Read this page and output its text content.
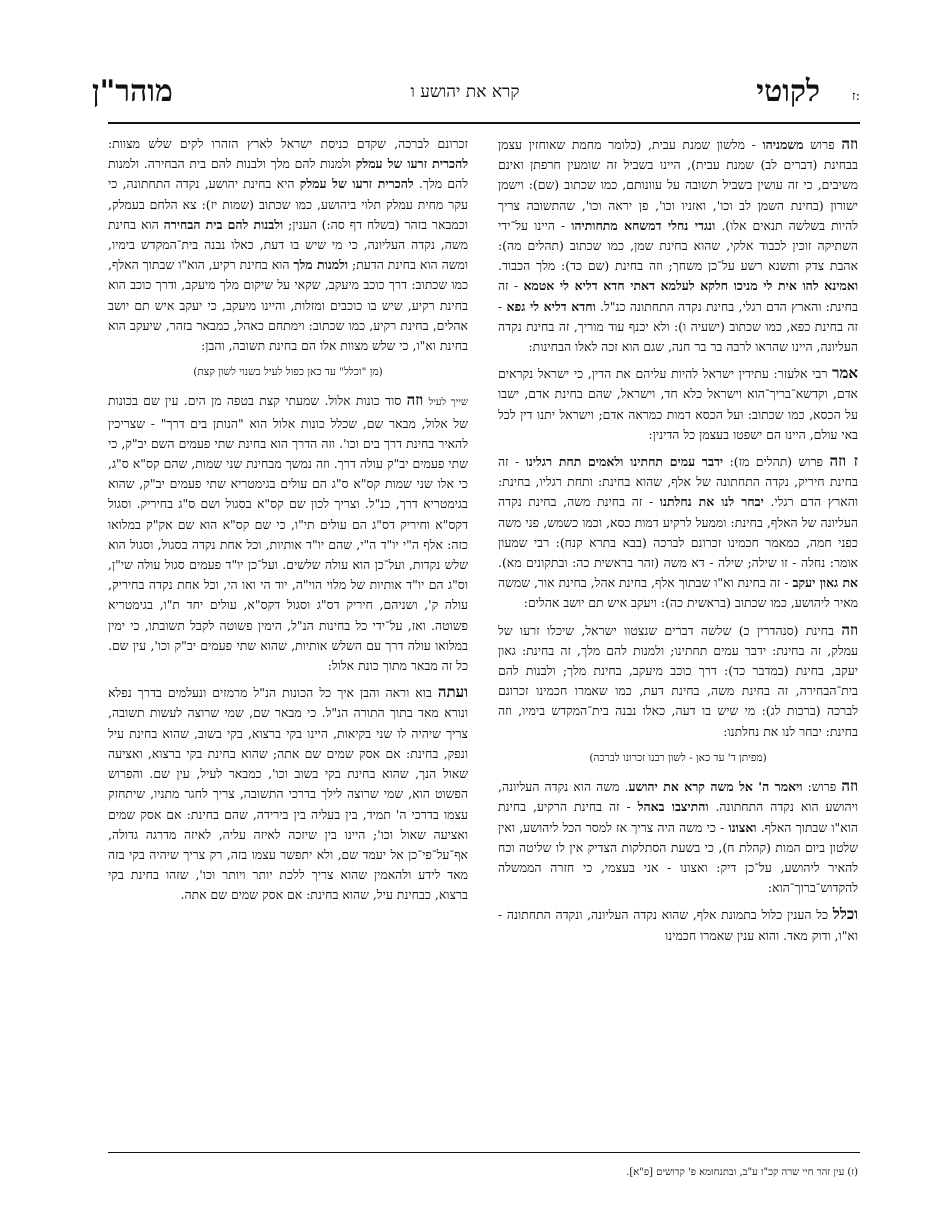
ז:
לקוטי
קרא את יהושע ו
מוהר"ן

וזה פרוש משמניהו - מלשון שמנת עבית, (כלומר מחמת שאוחזין עצמן בבחינת (דברים לב) שמנת עבית), היינו בשביל זה שומעין חרפתן ואינם משיבים, כי זה עושין בשביל תשובה על עוונותם, כמו שכתוב (שם): וישמן ישורון (בחינת השמן לב וכו', ואזניו וכו', פן יראה וכו', שהתשובה צריך להיות בשלשה תנאים אלו). ונגדי נחלי דמשחא מתחותיהו - היינו על־ידי השתיקה זוכין לכבוד אלקי, שהוא בחינת שמן, כמו שכתוב (תהלים מה): אהבת צדק ותשנא רשע על־כן משחך; וזה בחינת (שם כד): מלך הכבוד. ואמינא להו אית לי מניכו חלקא לעלמא דאתי חדא דליא לי אטמא - זה בחינת: והארץ הדם רגלי, בחינת נקדה התחתונה כנ"ל. וחדא דליא לי גפא - זה בחינת כפא, כמו שכתוב (ישעיה ו): ולא יכנף עוד מוריך, זה בחינת נקדה העליונה, היינו שהראו לרבה בר בר חנה, שגם הוא זכה לאלו הבחינות:

אמר רבי אלעזר: עתידין ישראל להיות עליהם את הדין, כי ישראל נקראים אדם, וקדשא־בריך־הוא וישראל כלא חד, וישראל, שהם בחינת אדם, ישבו על הכסא, כמו שכתוב: ועל הכסא דמות כמראה אדם; וישראל יתנו דין לכל באי עולם, היינו הם ישפטו בעצמן כל הדינין:

ז וזה פרוש (תהלים מז): ידבר עמים תחתינו ולאמים תחת רגלינו - זה בחינת חיריק, נקדה התחתונה של אלף, שהוא בחינת: ותחת רגליו, בחינת: והארץ הדם רגלי. יבחר לנו את נחלתנו - זה בחינת משה, בחינת נקדה העליונה של האלף, בחינת: וממעל לרקיע דמות כסא, וכמו כשמש, פני משה כפני חמה, כמאמר חכמינו זכרונם לברכה (בבא בתרא קנח): רבי שמעון אומר: נחלה - זו שילה; שילה - דא משה (זהר בראשית כה: ובתקונים מא). את גאון יעקב - זה בחינת וא"ו שבתוך אלף, בחינת אהל, בחינת אור, שמשה מאיר ליהושע, כמו שכתוב (בראשית כה): ויעקב איש תם יושב אהלים:

וזה בחינת (סנהדרין כ) שלשה דברים שנצטוו ישראל, שיכלו זרעו של עמלק, זה בחינת: ידבר עמים תחתינו; ולמנות להם מלך, זה בחינת: גאון יעקב, בחינת (במדבר כד): דרך כוכב מיעקב, בחינת מלך; ולבנות להם בית־הבחירה, זה בחינת משה, בחינת דעת, כמו שאמרו חכמינו זכרונם לברכה (ברכות לג): מי שיש בו דעה, כאלו נבנה בית־המקדש בימיו, וזה בחינת: יבחר לנו את נחלתנו:

(מפיתן ד' עד כאן - לשון רבנו זכרונו לברכה)

וזה פרוש: ויאמר ה' אל משה קרא את יהושע. משה הוא נקדה העליונה, ויהושע הוא נקדה התחתונה. והתיצבו באהל - זה בחינת הרקיע, בחינת הוא"ו שבתוך האלף. ואצונו - כי משה היה צריך אז למסר הכל ליהושע, ואין שלטון ביום המות (קהלת ח), כי בשעת הסתלקות הצדיק אין לו שליטה וכח להאיר ליהושע, על־כן דיק: ואצונו - אני בעצמי, כי חזרה הממשלה להקדוש־ברוך־הוא:

וכלל כל הענין כלול בתמונת אלף, שהוא נקדה העליונה, ונקדה התחתונה - וא"ו, ודוק מאד. והוא ענין שאמרו חכמינו

זכרונם לברכה, שקדם כניסת ישראל לארץ הזהרו לקים שלש מצוות: להכרית זרעו של עמלק ולמנות להם מלך ולבנות להם בית הבחירה. ולמנות להם מלך. להכרית זרעו של עמלק היא בחינת יהושע, נקדה התחתונה, כי עקר מחית עמלק תלוי ביהושע, כמו שכתוב (שמות יז): צא הלחם בעמלק, וכמבאר בזהר (בשלח דף סה:) הענין; ולבנות להם בית הבחירה הוא בחינת משה, נקדה העליונה, כי מי שיש בו דעת, כאלו נבנה בית־המקדש בימיו, ומשה הוא בחינת הדעת; ולמנות מלך הוא בחינת רקיע, הוא"ו שבתוך האלף, כמו שכתוב: דרך כוכב מיעקב, שקאי על שיקום מלך מיעקב, ודרך כוכב הוא בחינת רקיע, שיש בו כוכבים ומזלות, והיינו מיעקב, כי יעקב איש תם יושב אהלים, בחינת רקיע, כמו שכתוב: וימתחם כאהל, כמבאר בזהר, שיעקב הוא בחינת וא"ו, כי שלש מצוות אלו הם בחינת תשובה, והבן:

(מן "וכלל" עד כאן כפול לעיל בשנוי לשון קצת)

שייך לעיל וזה סוד כונות אלול. שמעתי קצת בטפה מן הים. עין שם בכונות של אלול, מבאר שם, שכלל כונות אלול הוא "הנותן בים דרך" - שצריכין להאיר בחינת דרך בים וכו'. וזה הדרך הוא בחינת שתי פעמים השם יב"ק, כי שתי פעמים יב"ק עולה דרך. וזה נמשך מבחינת שני שמות, שהם קס"א ס"ג, כי אלו שני שמות קס"א ס"ג הם עולים בגימטריא שתי פעמים יב"ק, שהוא בגימטריא דרך, כנ"ל. וצריך לכון שם קס"א בסגול ושם ס"ג בחיריק. וסגול דקס"א וחיריק דס"ג הם עולים תי"ו, כי שם קס"א הוא שם אק"ק במלואו כזה: אלף ה"י יו"ד ה"י, שהם יו"ד אותיות, וכל אחת נקדה בסגול, וסגול הוא שלש נקדות, ועל־כן הוא עולה שלשים. ועל־כן יו"ד פעמים סגול עולה שי"ן, וס"ג הם יו"ד אותיות של מלוי הוי"ה, יוד הי ואו הי, וכל אחת נקדה בחיריק, עולה ק', ושניהם, חיריק דס"ג וסגול דקס"א, עולים יחד ת"ו, בגימטריא פשוטה. ואז, על־ידי כל בחינות הנ"ל, הימין פשוטה לקבל תשובתו, כי ימין במלואו עולה דרך עם השלש אותיות, שהוא שתי פעמים יב"ק וכו', עין שם. כל זה מבאר מתוך כונת אלול:

ועתה בוא וראה והבן איך כל הכונות הנ"ל מרמזים ונעלמים בדרך נפלא ונורא מאד בתוך התורה הנ"ל. כי מבאר שם, שמי שרוצה לעשות תשובה, צריך שיהיה לו שני בקיאות, היינו בקי ברצוא, בקי בשוב, שהוא בחינת עיל ונפק, בחינת: אם אסק שמים שם אתה; שהוא בחינת בקי ברצוא, ואציעה שאול הנך, שהוא בחינת בקי בשוב וכו', כמבאר לעיל, עין שם. והפרוש הפשוט הוא, שמי שרוצה לילך בדרכי התשובה, צריך לחגר מתניו, שיתחזק עצמו בדרכי ה' תמיד, בין בעליה בין בירידה, שהם בחינת: אם אסק שמים ואציעה שאול וכו'; היינו בין שיזכה לאיזה עליה, לאיזה מדרגה גדולה, אף־על־פי־כן אל יעמד שם, ולא יתפשר עצמו בזה, רק צריך שיהיה בקי בזה מאד לידע ולהאמין שהוא צריך ללכת יותר ויותר וכו', שזהו בחינת בקי ברצוא, כבחינת עיל, שהוא בחינת: אם אסק שמים שם אתה.

(ז) עין זהר חיי שרה קכ"ו ע"ב, ובתנחומא פ' קדושים [פ"א].
